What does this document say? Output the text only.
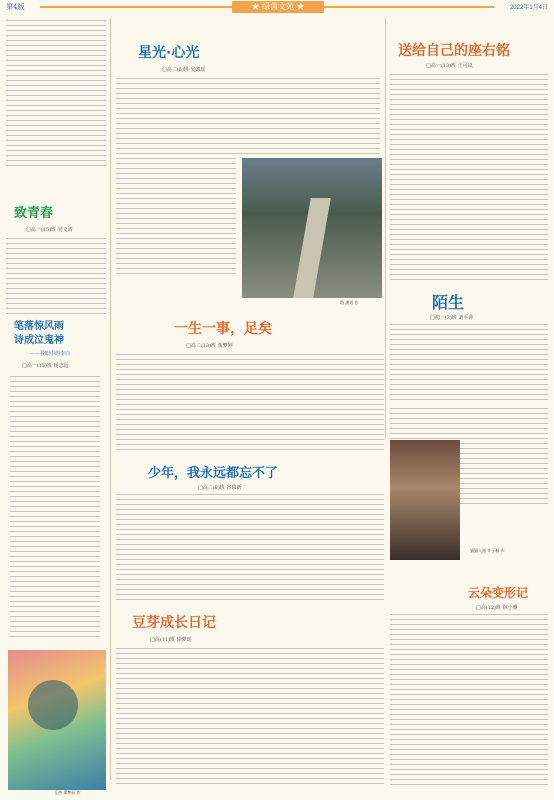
第4版	★ 绿茵文苑 ★	2022年1月4日
致青春
□高一(15)班 吴文清
笔落惊风雨
诗成泣鬼神
——我眼中的李白
□高一(15)班 杨志远
玉兽 郑梦丽 作
星光·心光
□高二(6)班 吴懿瑶
路 潘语 作
送给自己的座右铭
□高一(13)班 王可岚
陌生
□初一(3)班 刘平萍
一生一事，足矣
□高二(13)班 黄梦婷
少年，我永远都忘不了
□高二(8)班 谷慕新
豆芽成长日记
□高(11)班 徐梦瑶
猫猫入画 许子桐 作
云朵变形记
□高(12)班 林小雅
